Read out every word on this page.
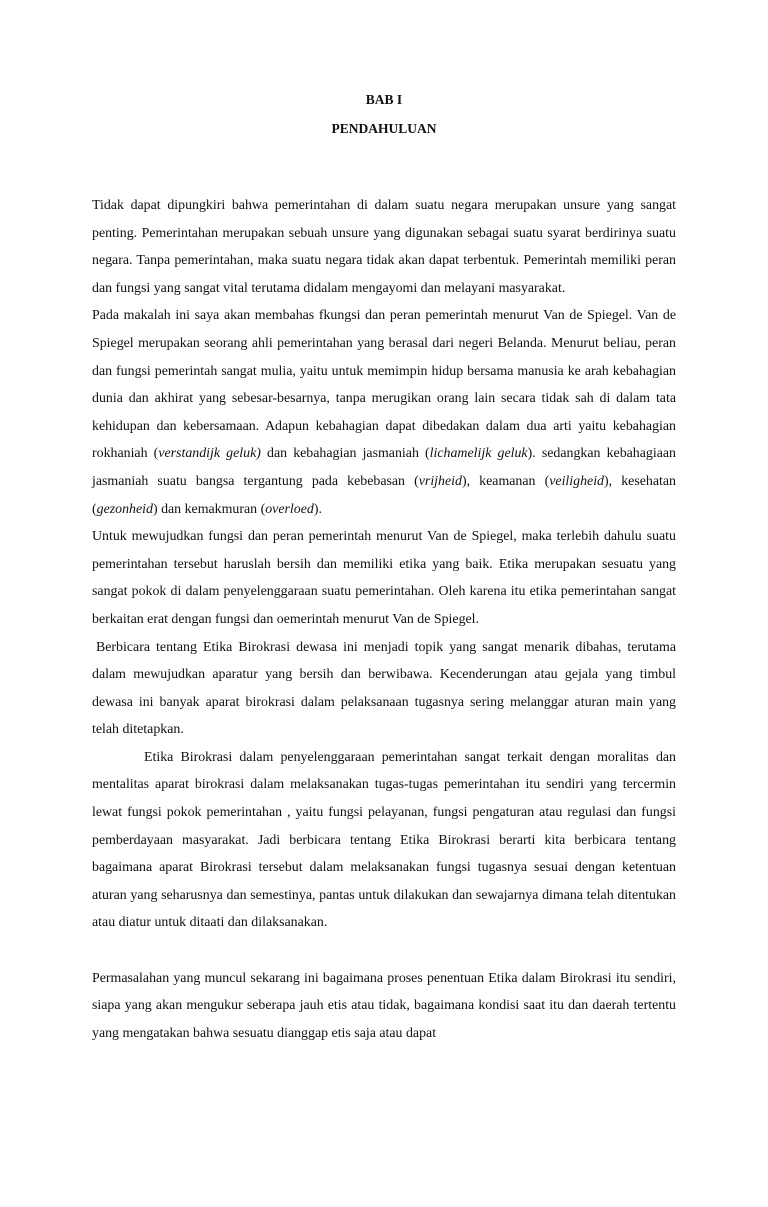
BAB I
PENDAHULUAN

Tidak dapat dipungkiri bahwa pemerintahan di dalam suatu negara merupakan unsure yang sangat penting. Pemerintahan merupakan sebuah unsure yang digunakan sebagai suatu syarat berdirinya suatu negara. Tanpa pemerintahan, maka suatu negara tidak akan dapat terbentuk. Pemerintah memiliki peran dan fungsi yang sangat vital terutama didalam mengayomi dan melayani masyarakat.

Pada makalah ini saya akan membahas fkungsi dan peran pemerintah menurut Van de Spiegel. Van de Spiegel merupakan seorang ahli pemerintahan yang berasal dari negeri Belanda. Menurut beliau, peran dan fungsi pemerintah sangat mulia, yaitu untuk memimpin hidup bersama manusia ke arah kebahagian dunia dan akhirat yang sebesar-besarnya, tanpa merugikan orang lain secara tidak sah di dalam tata kehidupan dan kebersamaan. Adapun kebahagian dapat dibedakan dalam dua arti yaitu kebahagian rokhaniah (verstandijk geluk) dan kebahagian jasmaniah (lichamelijk geluk). sedangkan kebahagiaan jasmaniah suatu bangsa tergantung pada kebebasan (vrijheid), keamanan (veiligheid), kesehatan (gezonheid) dan kemakmuran (overloed).

Untuk mewujudkan fungsi dan peran pemerintah menurut Van de Spiegel, maka terlebih dahulu suatu pemerintahan tersebut haruslah bersih dan memiliki etika yang baik. Etika merupakan sesuatu yang sangat pokok di dalam penyelenggaraan suatu pemerintahan. Oleh karena itu etika pemerintahan sangat berkaitan erat dengan fungsi dan oemerintah menurut Van de Spiegel.

Berbicara tentang Etika Birokrasi dewasa ini menjadi topik yang sangat menarik dibahas, terutama dalam mewujudkan aparatur yang bersih dan berwibawa. Kecenderungan atau gejala yang timbul dewasa ini banyak aparat birokrasi dalam pelaksanaan tugasnya sering melanggar aturan main yang telah ditetapkan.

Etika Birokrasi dalam penyelenggaraan pemerintahan sangat terkait dengan moralitas dan mentalitas aparat birokrasi dalam melaksanakan tugas-tugas pemerintahan itu sendiri yang tercermin lewat fungsi pokok pemerintahan , yaitu fungsi pelayanan, fungsi pengaturan atau regulasi dan fungsi pemberdayaan masyarakat. Jadi berbicara tentang Etika Birokrasi berarti kita berbicara tentang bagaimana aparat Birokrasi tersebut dalam melaksanakan fungsi tugasnya sesuai dengan ketentuan aturan yang seharusnya dan semestinya, pantas untuk dilakukan dan sewajarnya dimana telah ditentukan atau diatur untuk ditaati dan dilaksanakan.

Permasalahan yang muncul sekarang ini bagaimana proses penentuan Etika dalam Birokrasi itu sendiri, siapa yang akan mengukur seberapa jauh etis atau tidak, bagaimana kondisi saat itu dan daerah tertentu yang mengatakan bahwa sesuatu dianggap etis saja atau dapat
